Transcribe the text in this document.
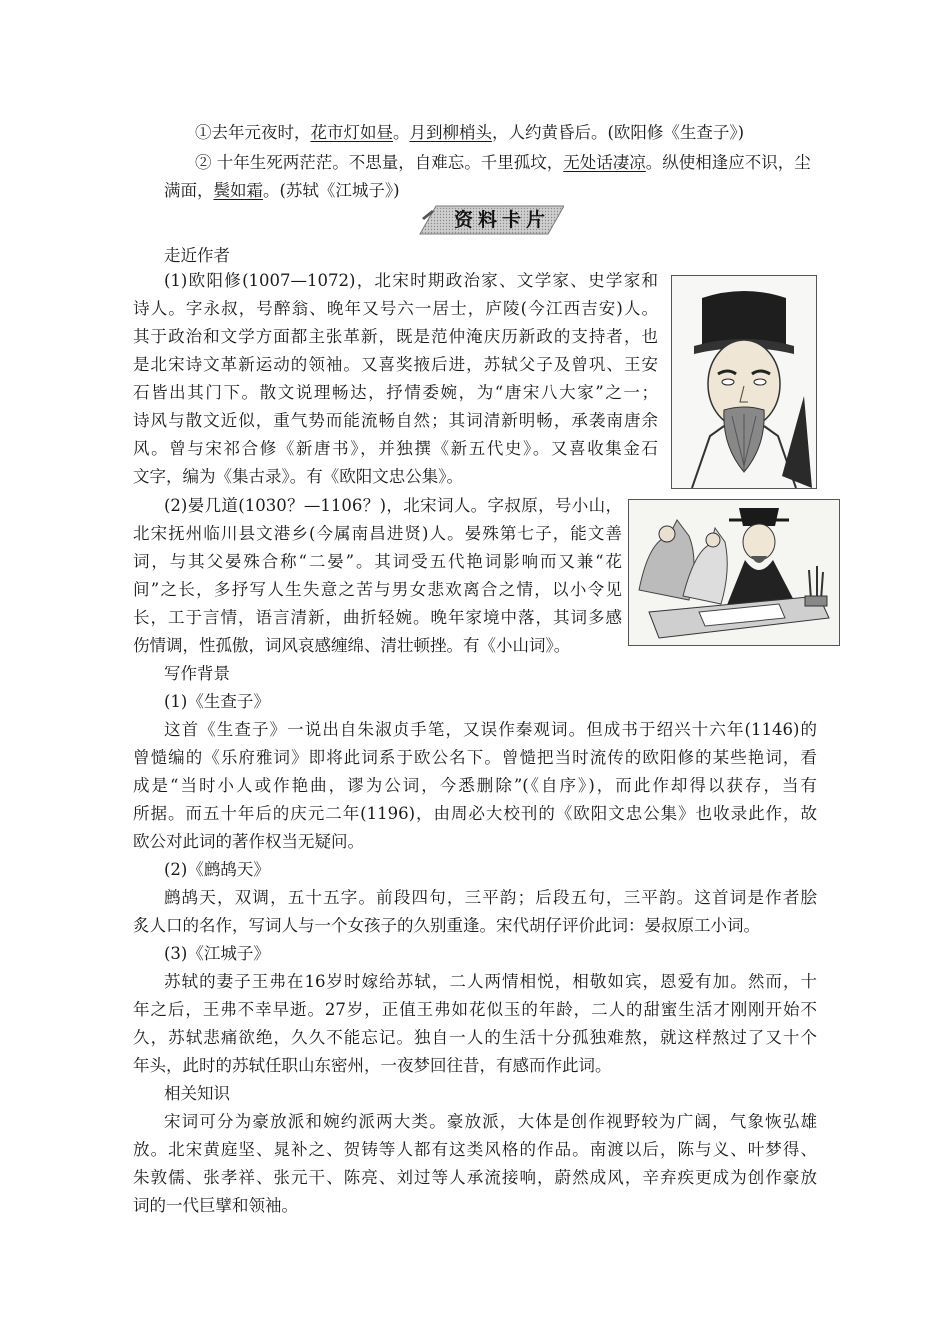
①去年元夜时，花市灯如昼。月到柳梢头，人约黄昏后。(欧阳修《生查子》)
② 十年生死两茫茫。不思量，自难忘。千里孤坟，无处话凄凉。纵使相逢应不识，尘
满面，鬓如霜。(苏轼《江城子》)
资料卡片
走近作者
(1)欧阳修(1007—1072)，北宋时期政治家、文学家、史学家和
诗人。字永叔，号醉翁、晚年又号六一居士，庐陵(今江西吉安)人。
其于政治和文学方面都主张革新，既是范仲淹庆历新政的支持者，也
是北宋诗文革新运动的领袖。又喜奖掖后进，苏轼父子及曾巩、王安
石皆出其门下。散文说理畅达，抒情委婉，为“唐宋八大家”之一；
诗风与散文近似，重气势而能流畅自然；其词清新明畅，承袭南唐余
风。曾与宋祁合修《新唐书》，并独撰《新五代史》。又喜收集金石
文字，编为《集古录》。有《欧阳文忠公集》。
(2)晏几道(1030？—1106？)，北宋词人。字叔原，号小山，
北宋抚州临川县文港乡(今属南昌进贤)人。晏殊第七子，能文善
词，与其父晏殊合称“二晏”。其词受五代艳词影响而又兼“花
间”之长，多抒写人生失意之苦与男女悲欢离合之情，以小令见
长，工于言情，语言清新，曲折轻婉。晚年家境中落，其词多感
伤情调，性孤傲，词风哀感缠绵、清壮顿挫。有《小山词》。
写作背景
(1)《生查子》
这首《生查子》一说出自朱淑贞手笔，又误作秦观词。但成书于绍兴十六年(1146)的
曾慥编的《乐府雅词》即将此词系于欧公名下。曾慥把当时流传的欧阳修的某些艳词，看
成是“当时小人或作艳曲，谬为公词，今悉删除”(《自序》)，而此作却得以获存，当有
所据。而五十年后的庆元二年(1196)，由周必大校刊的《欧阳文忠公集》也收录此作，故
欧公对此词的著作权当无疑问。
(2)《鹧鸪天》
鹧鸪天，双调，五十五字。前段四句，三平韵；后段五句，三平韵。这首词是作者脍
炙人口的名作，写词人与一个女孩子的久别重逢。宋代胡仔评价此词：晏叔原工小词。
(3)《江城子》
苏轼的妻子王弗在16岁时嫁给苏轼，二人两情相悦，相敬如宾，恩爱有加。然而，十
年之后，王弗不幸早逝。27岁，正值王弗如花似玉的年龄，二人的甜蜜生活才刚刚开始不
久，苏轼悲痛欲绝，久久不能忘记。独自一人的生活十分孤独难熬，就这样熬过了又十个
年头，此时的苏轼任职山东密州，一夜梦回往昔，有感而作此词。
相关知识
宋词可分为豪放派和婉约派两大类。豪放派，大体是创作视野较为广阔，气象恢弘雄
放。北宋黄庭坚、晁补之、贺铸等人都有这类风格的作品。南渡以后，陈与义、叶梦得、
朱敦儒、张孝祥、张元干、陈亮、刘过等人承流接响，蔚然成风，辛弃疾更成为创作豪放
词的一代巨擘和领袖。
